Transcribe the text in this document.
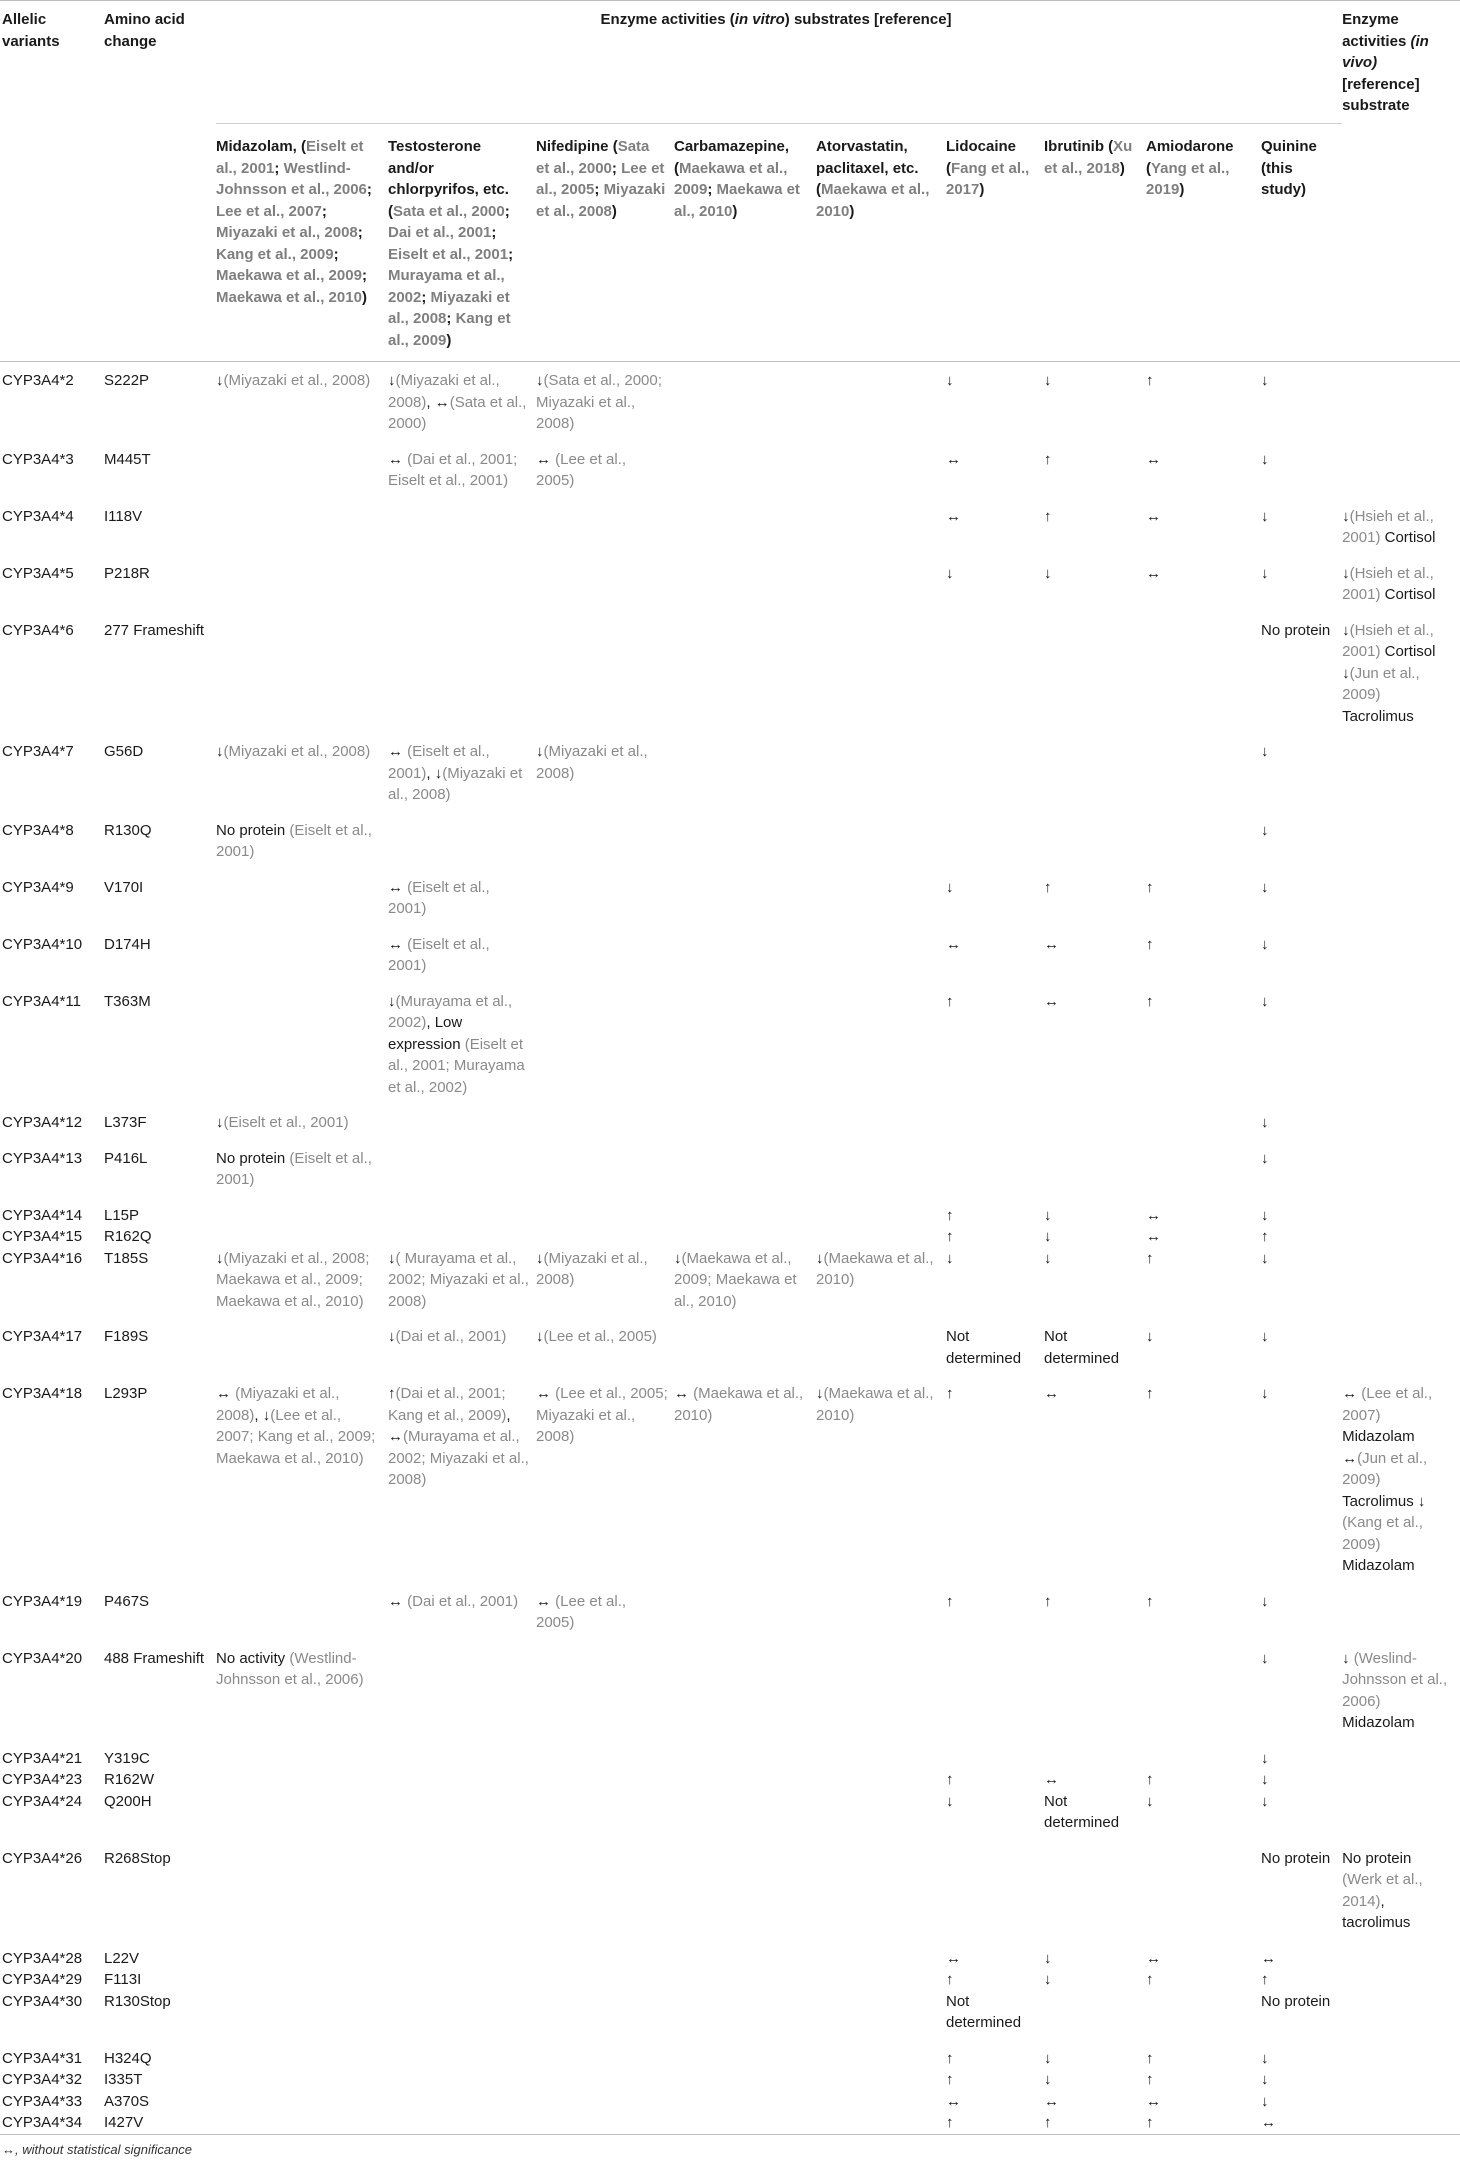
Allelic variants	Amino acid change	Enzyme activities (in vitro) substrates [reference]									Enzyme activities (in vivo) [reference] substrate
		Midazolam, (Eiselt et al., 2001; Westlind-Johnsson et al., 2006; Lee et al., 2007; Miyazaki et al., 2008; Kang et al., 2009; Maekawa et al., 2009; Maekawa et al., 2010)	Testosterone and/or chlorpyrifos, etc. (Sata et al., 2000; Dai et al., 2001; Eiselt et al., 2001; Murayama et al., 2002; Miyazaki et al., 2008; Kang et al., 2009)	Nifedipine (Sata et al., 2000; Lee et al., 2005; Miyazaki et al., 2008)	Carbamazepine, (Maekawa et al., 2009; Maekawa et al., 2010)	Atorvastatin, paclitaxel, etc. (Maekawa et al., 2010)	Lidocaine (Fang et al., 2017)	Ibrutinib (Xu et al., 2018)	Amiodarone (Yang et al., 2019)	Quinine (this study)	
CYP3A4*2	S222P	↓(Miyazaki et al., 2008)	↓(Miyazaki et al., 2008), ↔(Sata et al., 2000)	↓(Sata et al., 2000; Miyazaki et al., 2008)			↓	↓	↑	↓	
CYP3A4*3	M445T		↔ (Dai et al., 2001; Eiselt et al., 2001)	↔ (Lee et al., 2005)			↔	↑	↔	↓	
CYP3A4*4	I118V						↔	↑	↔	↓	↓(Hsieh et al., 2001) Cortisol
CYP3A4*5	P218R						↓	↓	↔	↓	↓(Hsieh et al., 2001) Cortisol
CYP3A4*6	277 Frameshift									No protein	↓(Hsieh et al., 2001) Cortisol ↓(Jun et al., 2009) Tacrolimus
CYP3A4*7	G56D	↓(Miyazaki et al., 2008)	↔ (Eiselt et al., 2001), ↓(Miyazaki et al., 2008)	↓(Miyazaki et al., 2008)						↓	
CYP3A4*8	R130Q	No protein (Eiselt et al., 2001)								↓	
CYP3A4*9	V170I		↔ (Eiselt et al., 2001)				↓	↑	↑	↓	
CYP3A4*10	D174H		↔ (Eiselt et al., 2001)				↔	↔	↑	↓	
CYP3A4*11	T363M		↓(Murayama et al., 2002), Low expression (Eiselt et al., 2001; Murayama et al., 2002)				↑	↔	↑	↓	
CYP3A4*12	L373F	↓(Eiselt et al., 2001)								↓	
CYP3A4*13	P416L	No protein (Eiselt et al., 2001)								↓	
CYP3A4*14	L15P						↑	↓	↔	↓	
CYP3A4*15	R162Q						↑	↓	↔	↑	
CYP3A4*16	T185S	↓(Miyazaki et al., 2008; Maekawa et al., 2009; Maekawa et al., 2010)	↓( Murayama et al., 2002; Miyazaki et al., 2008)	↓(Miyazaki et al., 2008)	↓(Maekawa et al., 2009; Maekawa et al., 2010)	↓(Maekawa et al., 2010)	↓	↓	↑	↓	
CYP3A4*17	F189S		↓(Dai et al., 2001)	↓(Lee et al., 2005)			Not determined	Not determined	↓	↓	
CYP3A4*18	L293P	↔ (Miyazaki et al., 2008), ↓(Lee et al., 2007; Kang et al., 2009; Maekawa et al., 2010)	↑(Dai et al., 2001; Kang et al., 2009), ↔(Murayama et al., 2002; Miyazaki et al., 2008)	↔ (Lee et al., 2005; Miyazaki et al., 2008)	↔ (Maekawa et al., 2010)	↓(Maekawa et al., 2010)	↑	↔	↑	↓	↔ (Lee et al., 2007) Midazolam ↔(Jun et al., 2009) Tacrolimus ↓ (Kang et al., 2009) Midazolam
CYP3A4*19	P467S		↔ (Dai et al., 2001)	↔ (Lee et al., 2005)			↑	↑	↑	↓	
CYP3A4*20	488 Frameshift	No activity (Westlind-Johnsson et al., 2006)								↓	↓ (Weslind-Johnsson et al., 2006) Midazolam
CYP3A4*21	Y319C									↓	
CYP3A4*23	R162W						↑	↔	↑	↓	
CYP3A4*24	Q200H						↓	Not determined	↓	↓	
CYP3A4*26	R268Stop									No protein	No protein (Werk et al., 2014), tacrolimus
CYP3A4*28	L22V						↔	↓	↔	↔	
CYP3A4*29	F113I						↑	↓	↑	↑	
CYP3A4*30	R130Stop						Not determined			No protein	
CYP3A4*31	H324Q						↑	↓	↑	↓	
CYP3A4*32	I335T						↑	↓	↑	↓	
CYP3A4*33	A370S						↔	↔	↔	↓	
CYP3A4*34	I427V						↑	↑	↑	↔	
↔, without statistical significance											
